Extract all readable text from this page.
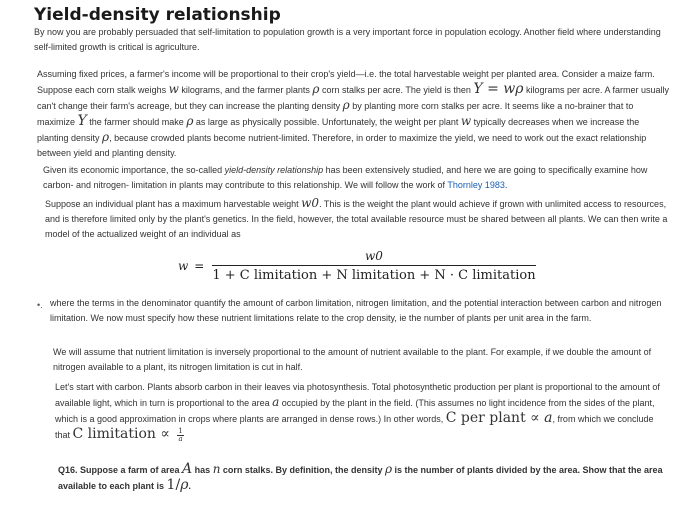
Yield-density relationship

By now you are probably persuaded that self-limitation to population growth is a very important force in population ecology. Another field where understanding self-limited growth is critical is agriculture.

Assuming fixed prices, a farmer's income will be proportional to their crop's yield—i.e. the total harvestable weight per planted area. Consider a maize farm. Suppose each corn stalk weighs w kilograms, and the farmer plants ρ corn stalks per acre. The yield is then Y = wρ kilograms per acre. A farmer usually can't change their farm's acreage, but they can increase the planting density ρ by planting more corn stalks per acre. It seems like a no-brainer that to maximize Y the farmer should make ρ as large as physically possible. Unfortunately, the weight per plant w typically decreases when we increase the planting density ρ, because crowded plants become nutrient-limited. Therefore, in order to maximize the yield, we need to work out the exact relationship between yield and planting density.

Given its economic importance, the so-called yield-density relationship has been extensively studied, and here we are going to specifically examine how carbon- and nitrogen- limitation in plants may contribute to this relationship. We will follow the work of Thornley 1983.

Suppose an individual plant has a maximum harvestable weight w0. This is the weight the plant would achieve if grown with unlimited access to resources, and is therefore limited only by the plant's genetics. In the field, however, the total available resource must be shared between all plants. We can then write a model of the actualized weight of an individual as

$w = \frac{w0}{\text{1 + C limitation + N limitation + N · C limitation}}$
•. where the terms in the denominator quantify the amount of carbon limitation, nitrogen limitation, and the potential interaction between carbon and nitrogen limitation. We now must specify how these nutrient limitations relate to the crop density, ie the number of plants per unit area in the farm.

We will assume that nutrient limitation is inversely proportional to the amount of nutrient available to the plant. For example, if we double the amount of nitrogen available to a plant, its nitrogen limitation is cut in half.

Let's start with carbon. Plants absorb carbon in their leaves via photosynthesis. Total photosynthetic production per plant is proportional to the amount of available light, which in turn is proportional to the area a occupied by the plant in the field. (This assumes no light incidence from the sides of the plant, which is a good approximation in crops where plants are arranged in dense rows.) In other words, C per plant ∝ a, from which we conclude that C limitation ∝ $\frac{1}{a}$

Q16. Suppose a farm of area A has n corn stalks. By definition, the density ρ is the number of plants divided by the area. Show that the area available to each plant is 1/ρ.
